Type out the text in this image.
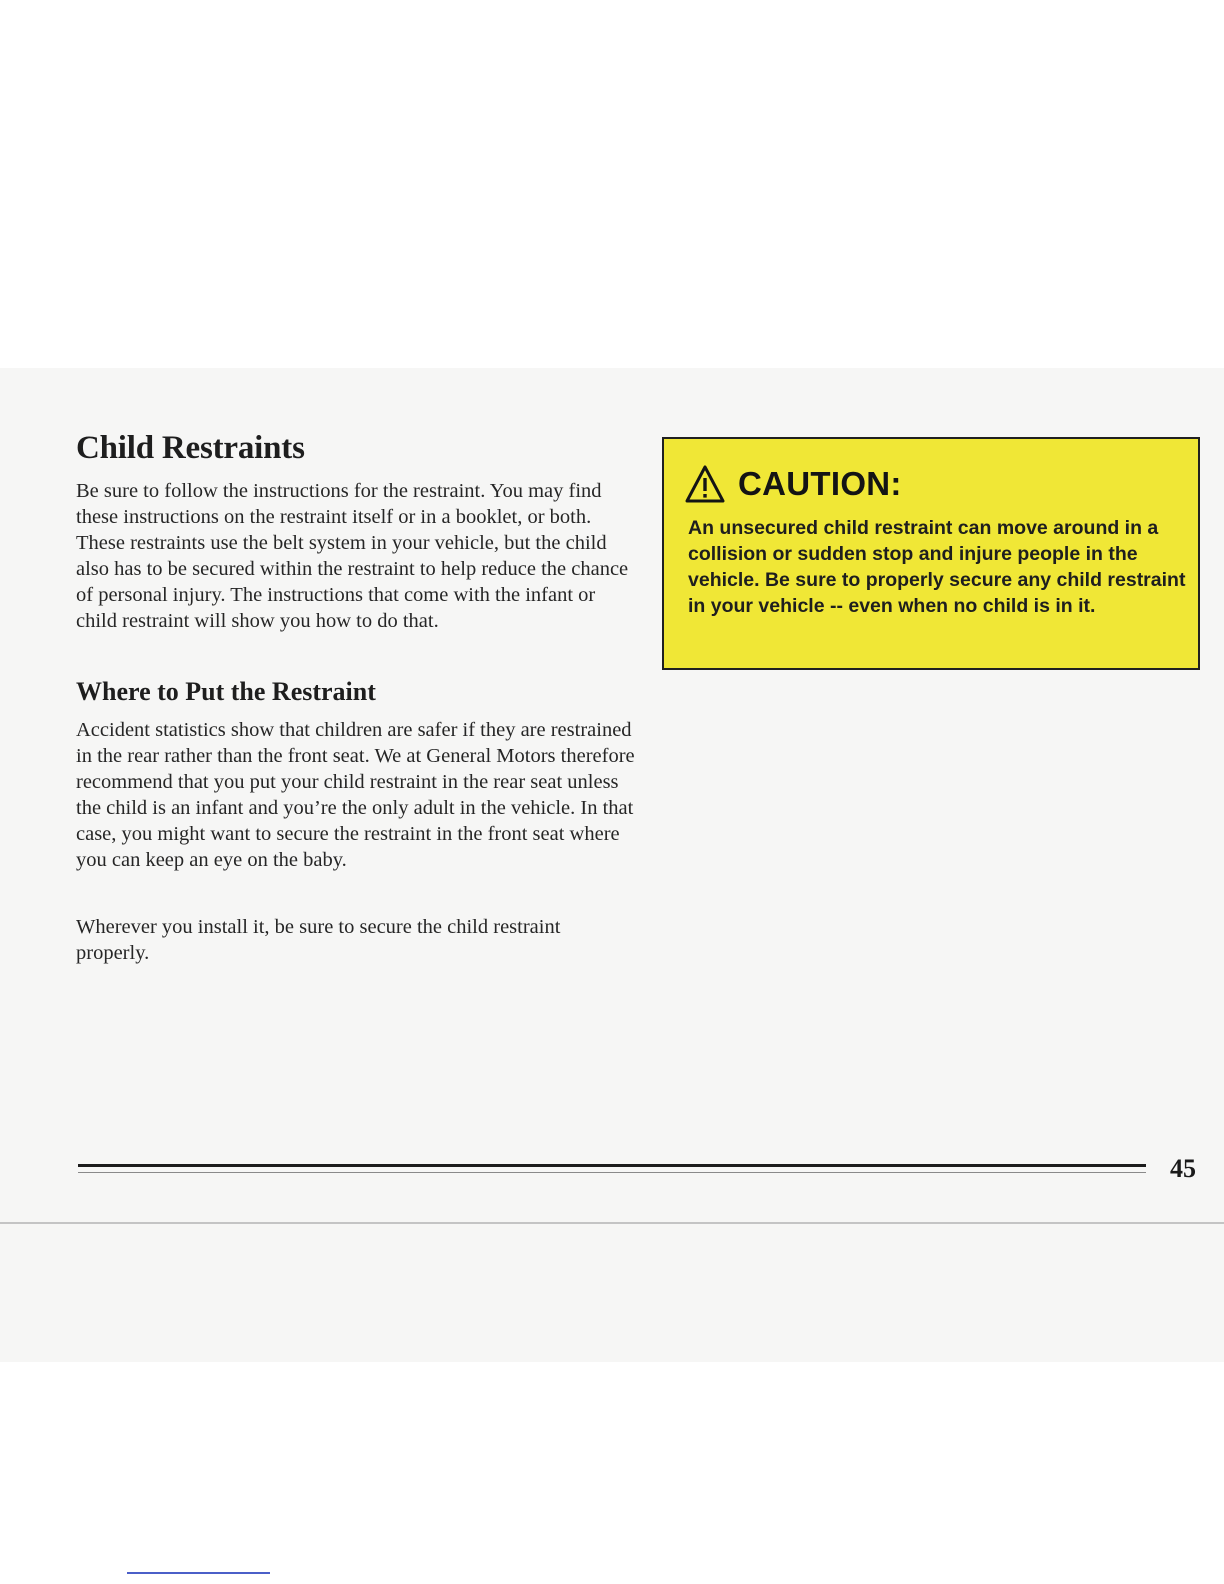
Child Restraints

Be sure to follow the instructions for the restraint. You may find these instructions on the restraint itself or in a booklet, or both. These restraints use the belt system in your vehicle, but the child also has to be secured within the restraint to help reduce the chance of personal injury. The instructions that come with the infant or child restraint will show you how to do that.

Where to Put the Restraint

Accident statistics show that children are safer if they are restrained in the rear rather than the front seat. We at General Motors therefore recommend that you put your child restraint in the rear seat unless the child is an infant and you’re the only adult in the vehicle. In that case, you might want to secure the restraint in the front seat where you can keep an eye on the baby.

Wherever you install it, be sure to secure the child restraint properly.

CAUTION:

An unsecured child restraint can move around in a collision or sudden stop and injure people in the vehicle. Be sure to properly secure any child restraint in your vehicle -- even when no child is in it.

45
